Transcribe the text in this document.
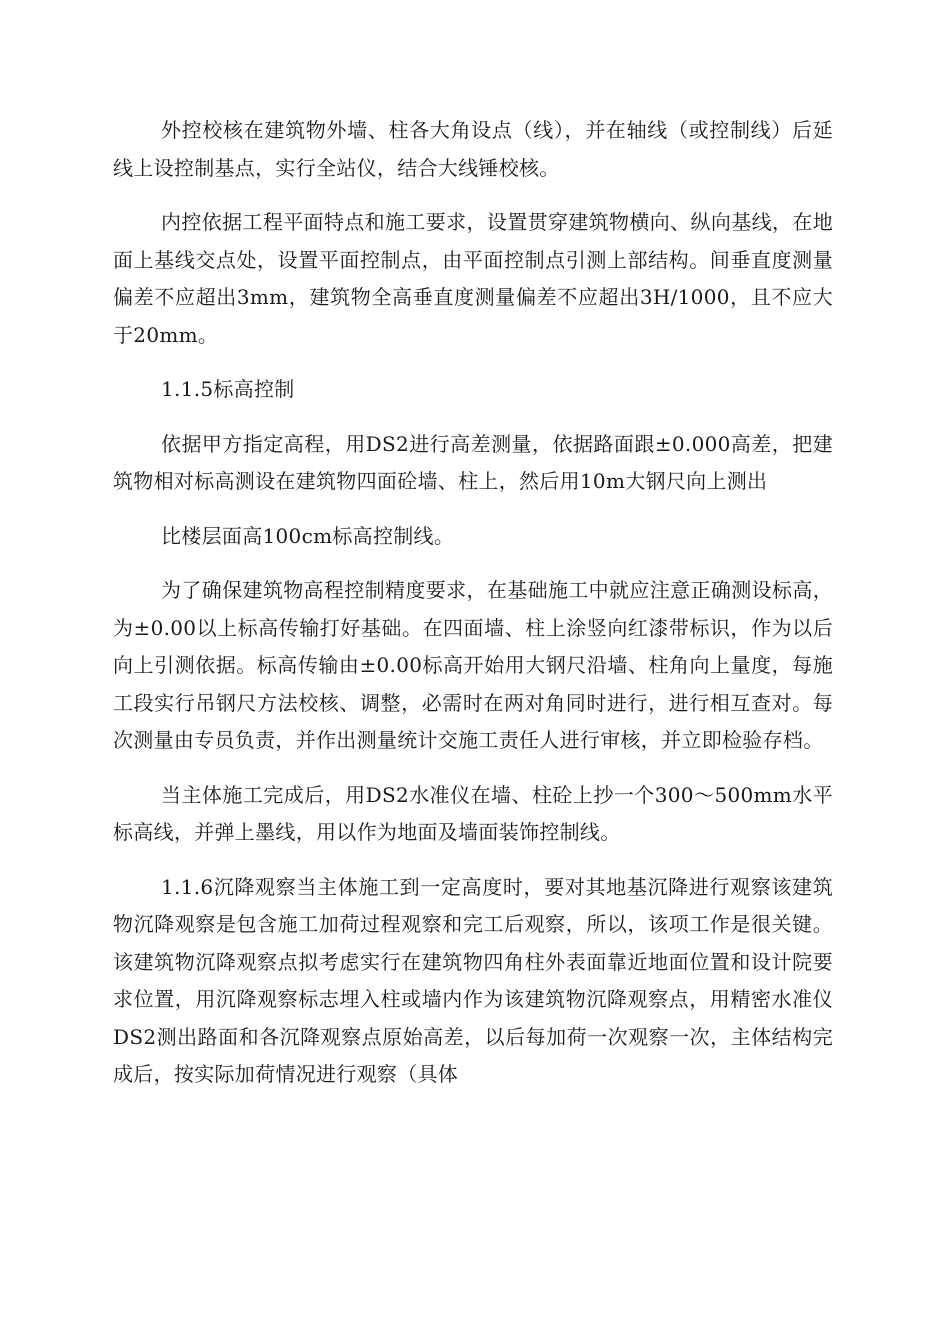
外控校核在建筑物外墙、柱各大角设点（线），并在轴线（或控制线）后延线上设控制基点，实行全站仪，结合大线锤校核。

内控依据工程平面特点和施工要求，设置贯穿建筑物横向、纵向基线，在地面上基线交点处，设置平面控制点，由平面控制点引测上部结构。间垂直度测量偏差不应超出3mm，建筑物全高垂直度测量偏差不应超出3H/1000，且不应大于20mm。

1.1.5标高控制

依据甲方指定高程，用DS2进行高差测量，依据路面跟±0.000高差，把建筑物相对标高测设在建筑物四面砼墙、柱上，然后用10m大钢尺向上测出

比楼层面高100cm标高控制线。

为了确保建筑物高程控制精度要求，在基础施工中就应注意正确测设标高，为±0.00以上标高传输打好基础。在四面墙、柱上涂竖向红漆带标识，作为以后向上引测依据。标高传输由±0.00标高开始用大钢尺沿墙、柱角向上量度，每施工段实行吊钢尺方法校核、调整，必需时在两对角同时进行，进行相互查对。每次测量由专员负责，并作出测量统计交施工责任人进行审核，并立即检验存档。

当主体施工完成后，用DS2水准仪在墙、柱砼上抄一个300～500mm水平标高线，并弹上墨线，用以作为地面及墙面装饰控制线。

1.1.6沉降观察当主体施工到一定高度时，要对其地基沉降进行观察该建筑物沉降观察是包含施工加荷过程观察和完工后观察，所以，该项工作是很关键。该建筑物沉降观察点拟考虑实行在建筑物四角柱外表面靠近地面位置和设计院要求位置，用沉降观察标志埋入柱或墙内作为该建筑物沉降观察点，用精密水准仪DS2测出路面和各沉降观察点原始高差，以后每加荷一次观察一次，主体结构完成后，按实际加荷情况进行观察（具体
